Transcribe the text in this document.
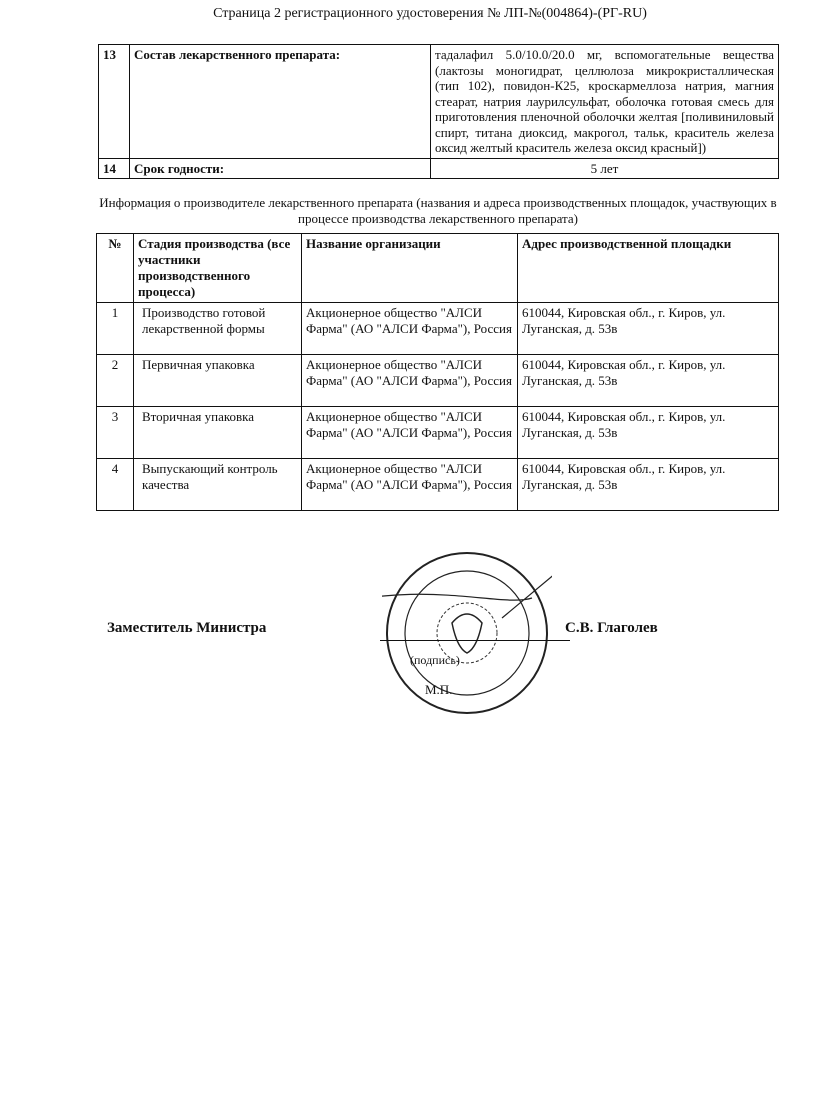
Страница 2 регистрационного удостоверения № ЛП-№(004864)-(РГ-RU)
13	Состав лекарственного препарата:	тадалафил 5.0/10.0/20.0 мг, вспомогательные вещества (лактозы моногидрат, целлюлоза микрокристаллическая (тип 102), повидон-К25, кроскармеллоза натрия, магния стеарат, натрия лаурилсульфат, оболочка готовая смесь для приготовления пленочной оболочки желтая [поливиниловый спирт, титана диоксид, макрогол, тальк, краситель железа оксид желтый краситель железа оксид красный])
14	Срок годности:	5 лет
Информация о производителе лекарственного препарата (названия и адреса производственных площадок, участвующих в процессе производства лекарственного препарата)
№	Стадия производства (все участники производственного процесса)	Название организации	Адрес производственной площадки
1	Производство готовой лекарственной формы	Акционерное общество "АЛСИ Фарма" (АО "АЛСИ Фарма"), Россия	610044, Кировская обл., г. Киров, ул. Луганская, д. 53в
2	Первичная упаковка	Акционерное общество "АЛСИ Фарма" (АО "АЛСИ Фарма"), Россия	610044, Кировская обл., г. Киров, ул. Луганская, д. 53в
3	Вторичная упаковка	Акционерное общество "АЛСИ Фарма" (АО "АЛСИ Фарма"), Россия	610044, Кировская обл., г. Киров, ул. Луганская, д. 53в
4	Выпускающий контроль качества	Акционерное общество "АЛСИ Фарма" (АО "АЛСИ Фарма"), Россия	610044, Кировская обл., г. Киров, ул. Луганская, д. 53в
Заместитель Министра	С.В. Глаголев
(подпись)
М.П.
